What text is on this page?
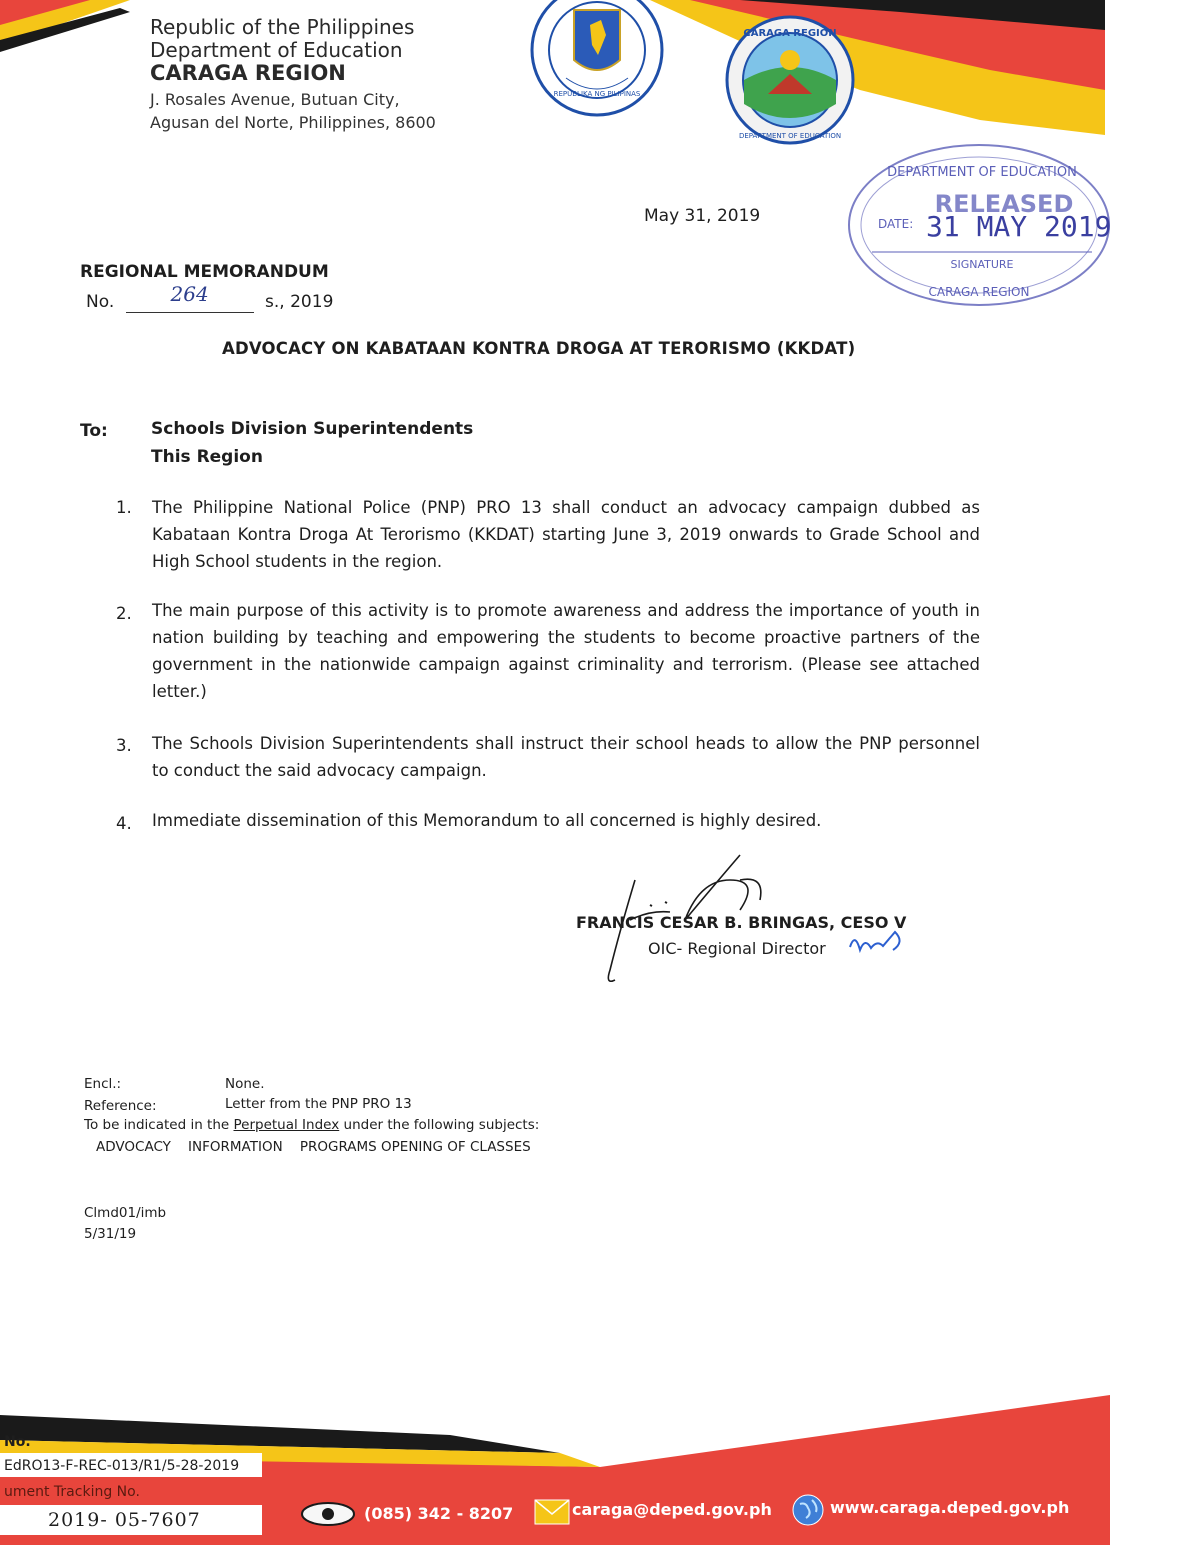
Republic of the Philippines
Department of Education
CARAGA REGION
J. Rosales Avenue, Butuan City,
Agusan del Norte, Philippines, 8600
REPUBLIKA NG PILIPINAS
CARAGA REGION
DEPARTMENT OF EDUCATION
DEPARTMENT OF EDUCATION
RELEASED
DATE: 31 MAY 2019
SIGNATURE
CARAGA REGION
May 31, 2019
REGIONAL MEMORANDUM
No.	264	s., 2019
ADVOCACY ON KABATAAN KONTRA DROGA AT TERORISMO (KKDAT)
To:	Schools Division Superintendents
This Region
1. The Philippine National Police (PNP) PRO 13 shall conduct an advocacy campaign dubbed as Kabataan Kontra Droga At Terorismo (KKDAT) starting June 3, 2019 onwards to Grade School and High School students in the region.
2. The main purpose of this activity is to promote awareness and address the importance of youth in nation building by teaching and empowering the students to become proactive partners of the government in the nationwide campaign against criminality and terrorism. (Please see attached letter.)
3. The Schools Division Superintendents shall instruct their school heads to allow the PNP personnel to conduct the said advocacy campaign.
4. Immediate dissemination of this Memorandum to all concerned is highly desired.
FRANCIS CESAR B. BRINGAS, CESO V
OIC- Regional Director
Encl.:	None.
Reference:	Letter from the PNP PRO 13
To be indicated in the Perpetual Index under the following subjects:
ADVOCACY    INFORMATION    PROGRAMS OPENING OF CLASSES
Clmd01/imb
5/31/19
No.
EdRO13-F-REC-013/R1/5-28-2019
ument Tracking No.
2019- 05-7607	(085) 342 - 8207	caraga@deped.gov.ph	www.caraga.deped.gov.ph
